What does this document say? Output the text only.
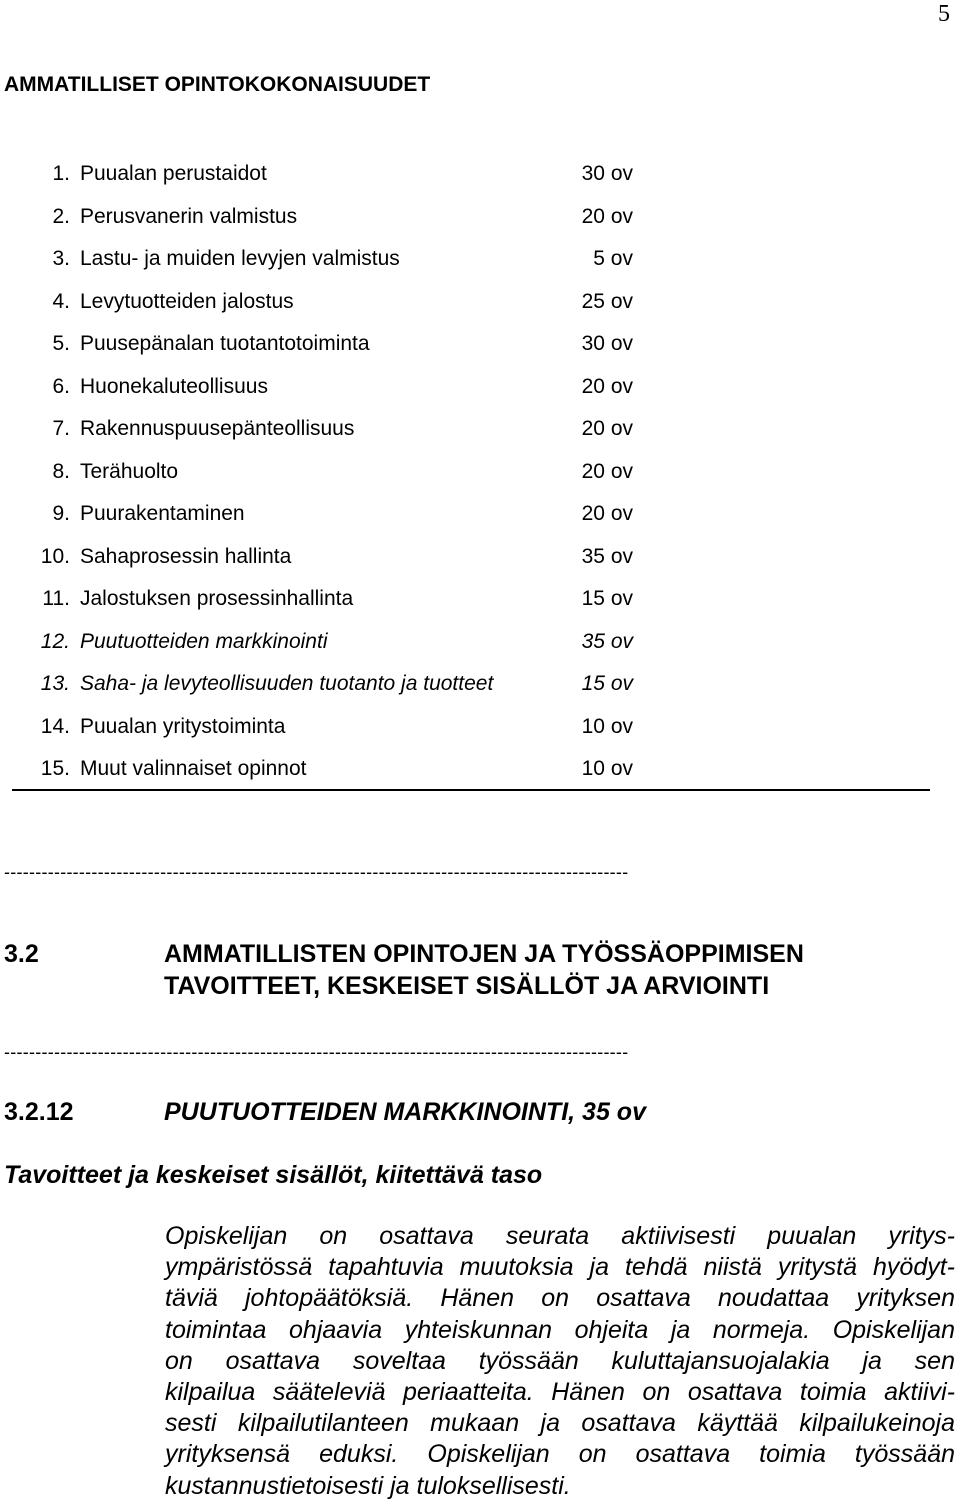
5
AMMATILLISET OPINTOKOKONAISUUDET
1. Puualan perustaidot	30 ov
2. Perusvanerin valmistus	20 ov
3. Lastu- ja muiden levyjen valmistus	5 ov
4. Levytuotteiden jalostus	25 ov
5. Puusepänalan tuotantotoiminta	30 ov
6. Huonekaluteollisuus	20 ov
7. Rakennuspuusepänteollisuus	20 ov
8. Terähuolto	20 ov
9. Puurakentaminen	20 ov
10. Sahaprosessin hallinta	35 ov
11. Jalostuksen prosessinhallinta	15 ov
12. Puutuotteiden markkinointi	35 ov
13. Saha- ja levyteollisuuden tuotanto ja tuotteet	15 ov
14. Puualan yritystoiminta	10 ov
15. Muut valinnaiset opinnot	10 ov
----------------------------------------------------------------------------------------------------
3.2	AMMATILLISTEN OPINTOJEN JA TYÖSSÄOPPIMISEN
TAVOITTEET, KESKEISET SISÄLLÖT JA ARVIOINTI
----------------------------------------------------------------------------------------------------
3.2.12	PUUTUOTTEIDEN MARKKINOINTI, 35 ov
Tavoitteet ja keskeiset sisällöt, kiitettävä taso
Opiskelijan on osattava seurata aktiivisesti puualan yritys-
ympäristössä tapahtuvia muutoksia ja tehdä niistä yritystä hyödyt-
täviä johtopäätöksiä. Hänen on osattava noudattaa yrityksen
toimintaa ohjaavia yhteiskunnan ohjeita ja normeja. Opiskelijan
on osattava soveltaa työssään kuluttajansuojalakia ja sen
kilpailua sääteleviä periaatteita. Hänen on osattava toimia aktiivi-
sesti kilpailutilanteen mukaan ja osattava käyttää kilpailukeinoja
yrityksensä eduksi. Opiskelijan on osattava toimia työssään
kustannustietoisesti ja tuloksellisesti.
